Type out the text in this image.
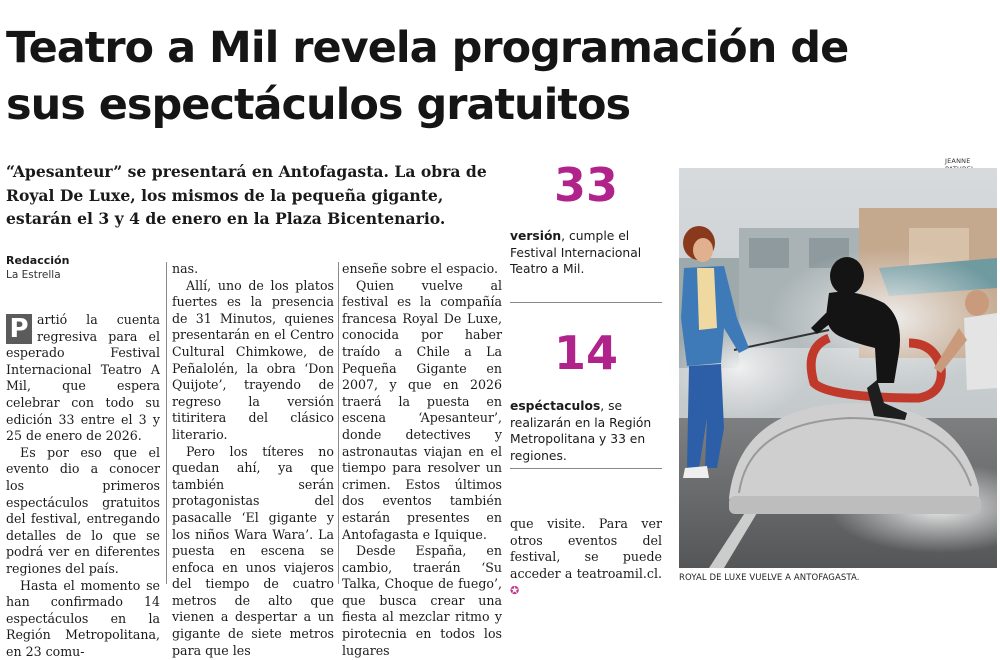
Teatro a Mil revela programación de
sus espectáculos gratuitos
“Apesanteur” se presentará en Antofagasta. La obra de Royal De Luxe, los mismos de la pequeña gigante, estarán el 3 y 4 de enero en la Plaza Bicentenario.
Redacción
La Estrella

P artió la cuenta regresiva para el esperado Festival Internacional Teatro A Mil, que espera celebrar con todo su edición 33 entre el 3 y 25 de enero de 2026.

Es por eso que el evento dio a conocer los primeros espectáculos gratuitos del festival, entregando detalles de lo que se podrá ver en diferentes regiones del país.

Hasta el momento se han confirmado 14 espectáculos en la Región Metropolitana, en 23 comu-

nas.

Allí, uno de los platos fuertes es la presencia de 31 Minutos, quienes presentarán en el Centro Cultural Chimkowe, de Peñalolén, la obra ‘Don Quijote’, trayendo de regreso la versión titiritera del clásico literario.

Pero los títeres no quedan ahí, ya que también serán protagonistas del pasacalle ‘El gigante y los niños Wara Wara’. La puesta en escena se enfoca en unos viajeros del tiempo de cuatro metros de alto que vienen a despertar a un gigante de siete metros para que les

enseñe sobre el espacio.

Quien vuelve al festival es la compañía francesa Royal De Luxe, conocida por haber traído a Chile a La Pequeña Gigante en 2007, y que en 2026 traerá la puesta en escena ‘Apesanteur’, donde detectives y astronautas viajan en el tiempo para resolver un crimen. Estos últimos dos eventos también estarán presentes en Antofagasta e Iquique.

Desde España, en cambio, traerán ‘Su Talka, Choque de fuego’, que busca crear una fiesta al mezclar ritmo y pirotecnia en todos los lugares

33
versión, cumple el Festival Internacional Teatro a Mil.
14
espéctaculos, se realizarán en la Región Metropolitana y 33 en regiones.

que visite. Para ver otros eventos del festival, se puede acceder a teatroamil.cl. ✪

JEANNE
ROYAL DE LUXE VUELVE A ANTOFAGASTA.
